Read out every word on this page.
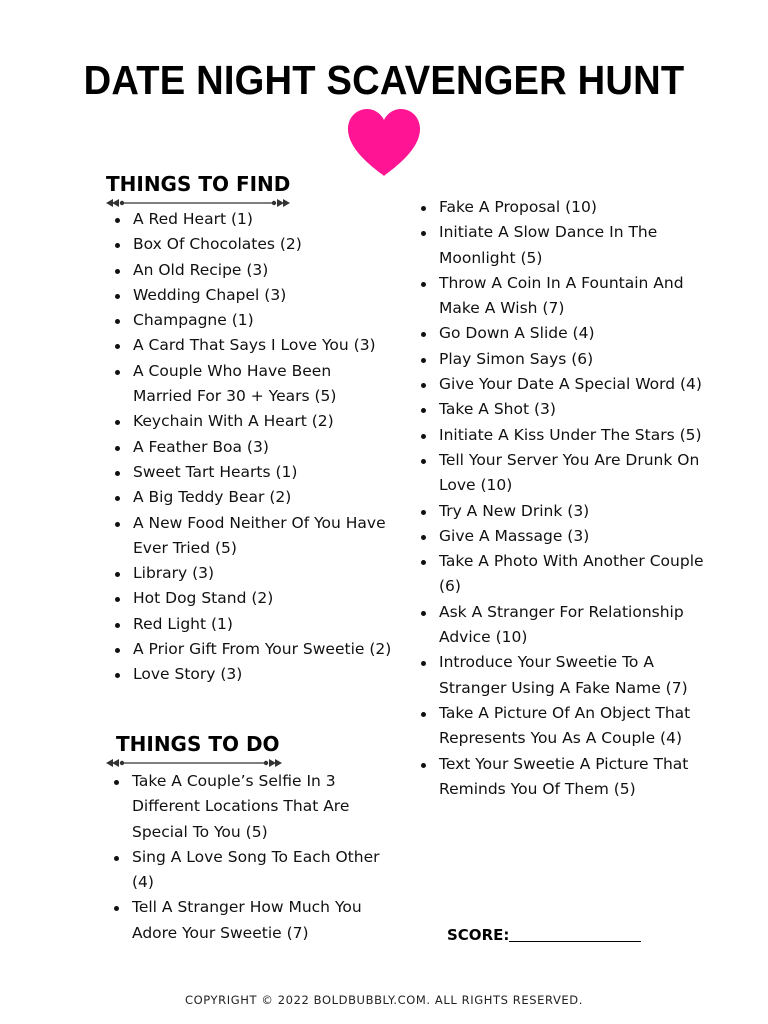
DATE NIGHT SCAVENGER HUNT
THINGS TO FIND
A Red Heart (1)
Box Of Chocolates (2)
An Old Recipe (3)
Wedding Chapel (3)
Champagne (1)
A Card That Says I Love You (3)
A Couple Who Have Been Married For 30 + Years (5)
Keychain With A Heart (2)
A Feather Boa (3)
Sweet Tart Hearts (1)
A Big Teddy Bear (2)
A New Food Neither Of You Have Ever Tried (5)
Library (3)
Hot Dog Stand (2)
Red Light (1)
A Prior Gift From Your Sweetie (2)
Love Story (3)
THINGS TO DO
Take A Couple’s Selfie In 3 Different Locations That Are Special To You (5)
Sing A Love Song To Each Other (4)
Tell A Stranger How Much You Adore Your Sweetie (7)
Fake A Proposal (10)
Initiate A Slow Dance In The Moonlight (5)
Throw A Coin In A Fountain And Make A Wish (7)
Go Down A Slide (4)
Play Simon Says (6)
Give Your Date A Special Word (4)
Take A Shot (3)
Initiate A Kiss Under The Stars (5)
Tell Your Server You Are Drunk On Love (10)
Try A New Drink (3)
Give A Massage (3)
Take A Photo With Another Couple (6)
Ask A Stranger For Relationship Advice (10)
Introduce Your Sweetie To A Stranger Using A Fake Name (7)
Take A Picture Of An Object That Represents You As A Couple (4)
Text Your Sweetie A Picture That Reminds You Of Them (5)
SCORE:
COPYRIGHT © 2022 BOLDBUBBLY.COM. ALL RIGHTS RESERVED.
